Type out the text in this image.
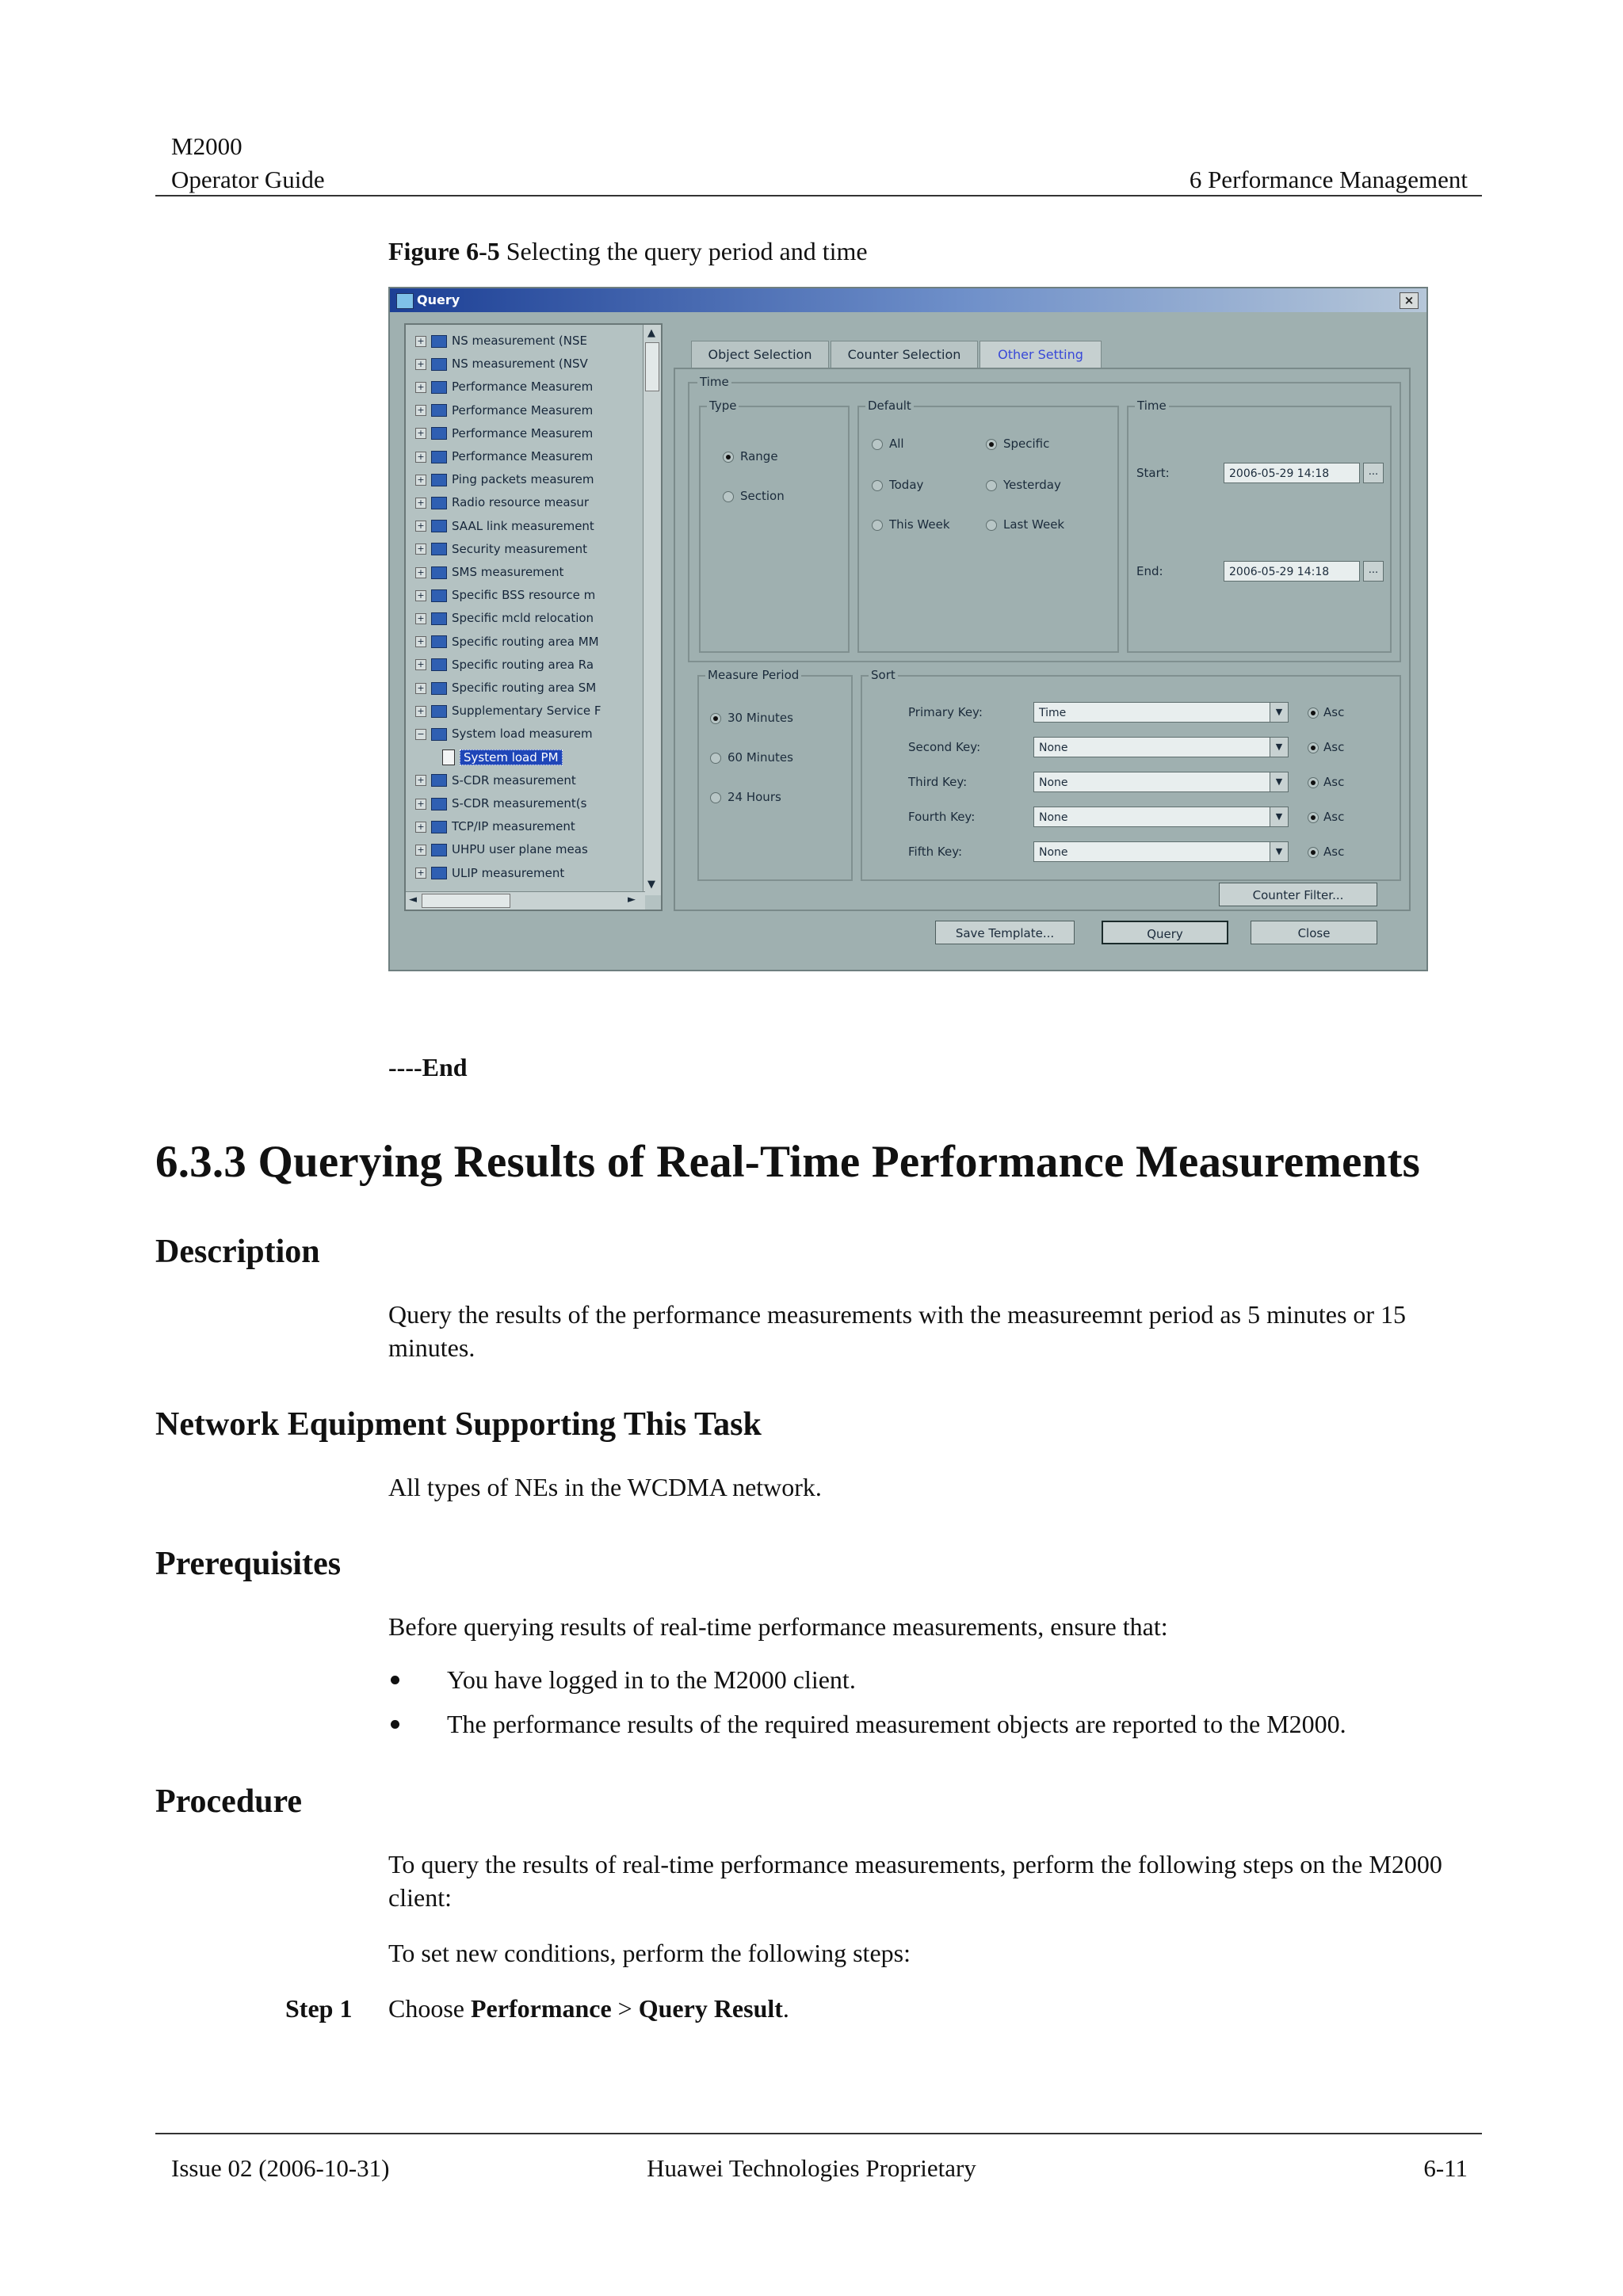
M2000
Operator Guide	6 Performance Management
Figure 6-5 Selecting the query period and time
Query	×
+ NS measurement (NSE
+ NS measurement (NSV
+ Performance Measurem
+ Performance Measurem
+ Performance Measurem
+ Performance Measurem
+ Ping packets measurem
+ Radio resource measur
+ SAAL link measurement
+ Security measurement
+ SMS measurement
+ Specific BSS resource m
+ Specific mcld relocation
+ Specific routing area MM
+ Specific routing area Ra
+ Specific routing area SM
+ Supplementary Service F
− System load measurem
System load PM
+ S-CDR measurement
+ S-CDR measurement(s
+ TCP/IP measurement
+ UHPU user plane meas
+ ULIP measurement
▲
▼
◄	►
Object Selection	Counter Selection	Other Setting
Time
Type
Range
Section
Default
All	Specific
Today	Yesterday
This Week	Last Week
Time
Start:	2006-05-29 14:18	...
End:	2006-05-29 14:18	...
Measure Period
30 Minutes
60 Minutes
24 Hours
Sort
Primary Key:	Time	▼	Asc
Second Key:	None	▼	Asc
Third Key:	None	▼	Asc
Fourth Key:	None	▼	Asc
Fifth Key:	None	▼	Asc
Counter Filter...
Save Template...	Query	Close
----End
6.3.3 Querying Results of Real-Time Performance Measurements
Description
Query the results of the performance measurements with the measureemnt period as 5 minutes or 15 minutes.
Network Equipment Supporting This Task
All types of NEs in the WCDMA network.
Prerequisites
Before querying results of real-time performance measurements, ensure that:
You have logged in to the M2000 client.
The performance results of the required measurement objects are reported to the M2000.
Procedure
To query the results of real-time performance measurements, perform the following steps on the M2000 client:
To set new conditions, perform the following steps:
Step 1 Choose Performance > Query Result.
Issue 02 (2006-10-31)	Huawei Technologies Proprietary	6-11
